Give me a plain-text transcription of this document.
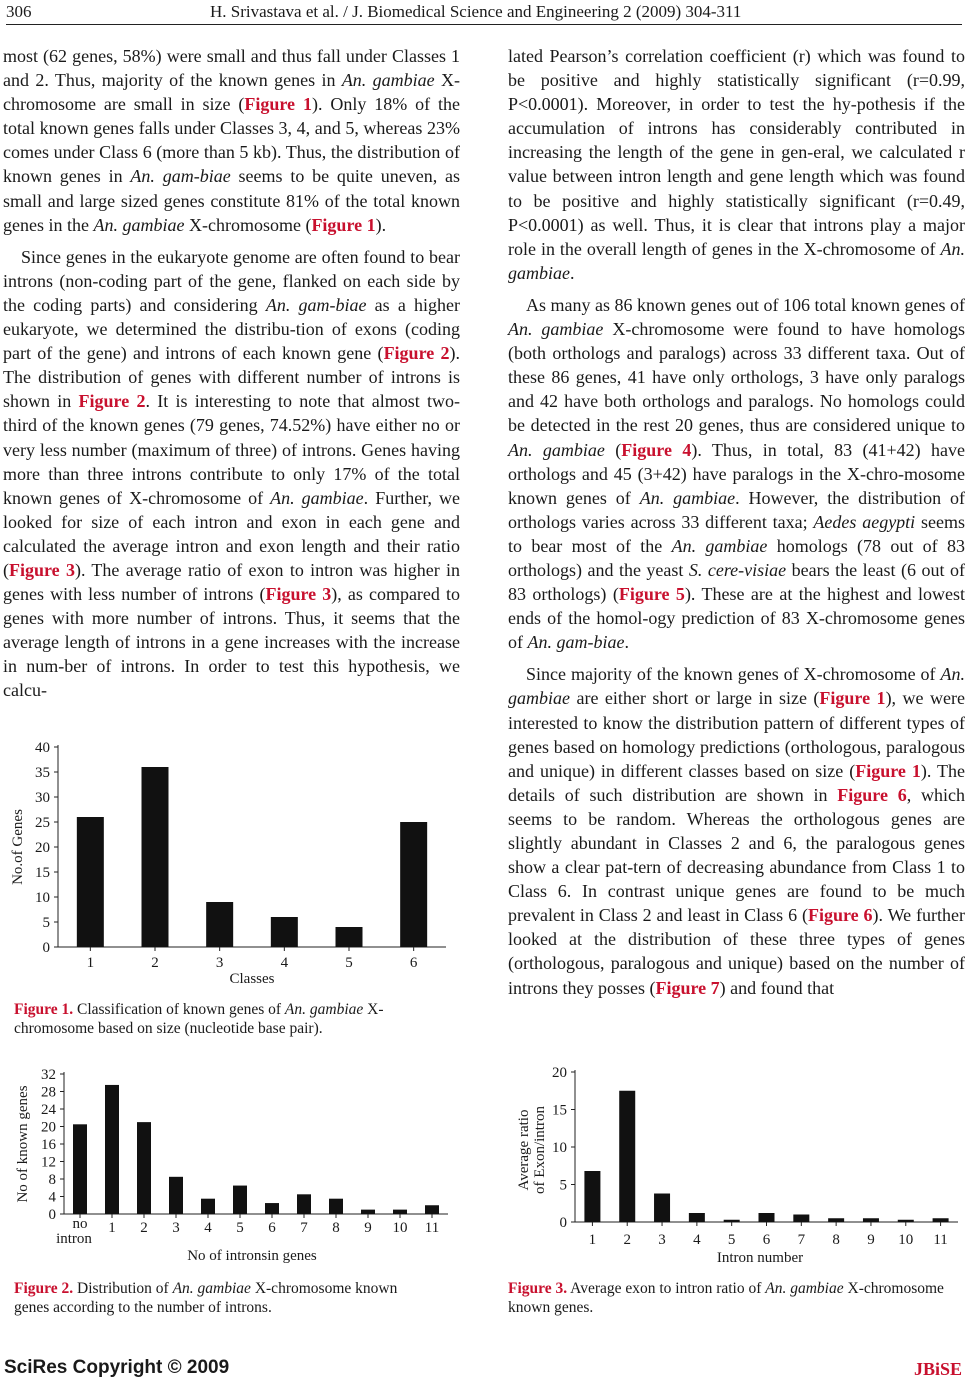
306	H. Srivastava et al. / J. Biomedical Science and Engineering 2 (2009) 304-311

most (62 genes, 58%) were small and thus fall under Classes 1 and 2. Thus, majority of the known genes in An. gambiae X-chromosome are small in size (Figure 1). Only 18% of the total known genes falls under Classes 3, 4, and 5, whereas 23% comes under Class 6 (more than 5 kb). Thus, the distribution of known genes in An. gam-biae seems to be quite uneven, as small and large sized genes constitute 81% of the total known genes in the An. gambiae X-chromosome (Figure 1).

Since genes in the eukaryote genome are often found to bear introns (non-coding part of the gene, flanked on each side by the coding parts) and considering An. gam-biae as a higher eukaryote, we determined the distribu-tion of exons (coding part of the gene) and introns of each known gene (Figure 2). The distribution of genes with different number of introns is shown in Figure 2. It is interesting to note that almost two-third of the known genes (79 genes, 74.52%) have either no or very less number (maximum of three) of introns. Genes having more than three introns contribute to only 17% of the total known genes of X-chromosome of An. gambiae. Further, we looked for size of each intron and exon in each gene and calculated the average intron and exon length and their ratio (Figure 3). The average ratio of exon to intron was higher in genes with less number of introns (Figure 3), as compared to genes with more number of introns. Thus, it seems that the average length of introns in a gene increases with the increase in num-ber of introns. In order to test this hypothesis, we calcu-

lated Pearson’s correlation coefficient (r) which was found to be positive and highly statistically significant (r=0.99, P<0.0001). Moreover, in order to test the hy-pothesis if the accumulation of introns has considerably contributed in increasing the length of the gene in gen-eral, we calculated r value between intron length and gene length which was found to be positive and highly statistically significant (r=0.49, P<0.0001) as well. Thus, it is clear that introns play a major role in the overall length of genes in the X-chromosome of An. gambiae.

As many as 86 known genes out of 106 total known genes of An. gambiae X-chromosome were found to have homologs (both orthologs and paralogs) across 33 different taxa. Out of these 86 genes, 41 have only orthologs, 3 have only paralogs and 42 have both orthologs and paralogs. No homologs could be detected in the rest 20 genes, thus are considered unique to An. gambiae (Figure 4). Thus, in total, 83 (41+42) have orthologs and 45 (3+42) have paralogs in the X-chro-mosome known genes of An. gambiae. However, the distribution of orthologs varies across 33 different taxa; Aedes aegypti seems to bear most of the An. gambiae homologs (78 out of 83 orthologs) and the yeast S. cere-visiae bears the least (6 out of 83 orthologs) (Figure 5). These are at the highest and lowest ends of the homol-ogy prediction of 83 X-chromosome genes of An. gam-biae.

Since majority of the known genes of X-chromosome of An. gambiae are either short or large in size (Figure 1), we were interested to know the distribution pattern of different types of genes based on homology predictions (orthologous, paralogous and unique) in different classes based on size (Figure 1). The details of such distribution are shown in Figure 6, which seems to be random. Whereas the orthologous genes are slightly abundant in Classes 2 and 6, the paralogous genes show a clear pat-tern of decreasing abundance from Class 1 to Class 6. In contrast unique genes are found to be much prevalent in Class 2 and least in Class 6 (Figure 6). We further looked at the distribution of these three types of genes (orthologous, paralogous and unique) based on the number of introns they posses (Figure 7) and found that

0
5
10
15
20
25
30
35
40
1	2	3	4	5	6
Classes
No.of Genes
Figure 1. Classification of known genes of An. gambiae X-chromosome based on size (nucleotide base pair).
0
4
8
12
16
20
24
28
32
no intron
1 2 3 4 5 6 7 8 9 10 11
No of intronsin genes
No of known genes
Figure 2. Distribution of An. gambiae X-chromosome known genes according to the number of introns.
0
5
10
15
20
1 2 3 4 5 6 7 8 9 10 11
Intron number
Average ratio of Exon/intron
Figure 3. Average exon to intron ratio of An. gambiae X-chromosome known genes.
SciRes Copyright © 2009	JBiSE
